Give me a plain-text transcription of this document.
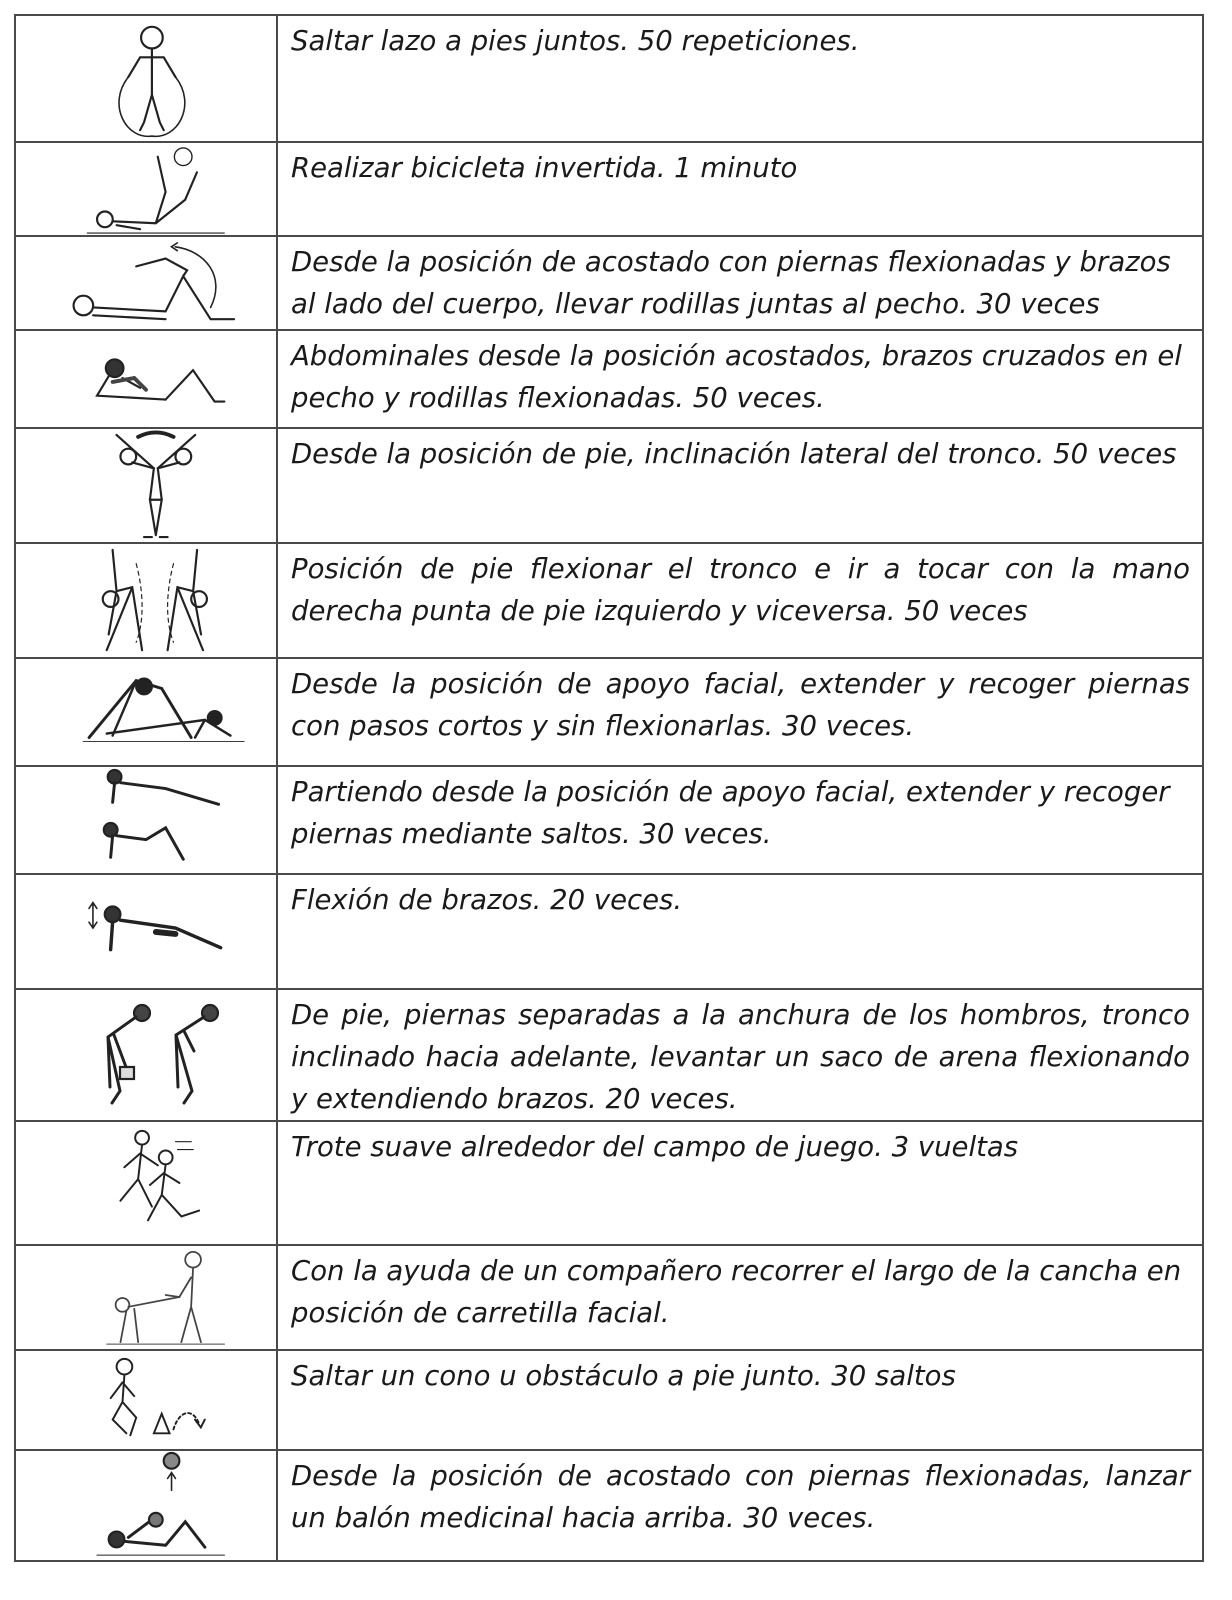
	Saltar lazo a pies juntos. 50 repeticiones.

	Realizar bicicleta invertida. 1 minuto

	Desde la posición de acostado con piernas flexionadas y brazos al lado del cuerpo, llevar rodillas juntas al pecho. 30 veces

	Abdominales desde la posición acostados, brazos cruzados en el pecho y rodillas flexionadas. 50 veces.

	Desde la posición de pie, inclinación lateral del tronco. 50 veces

	Posición de pie flexionar el tronco e ir a tocar con la mano derecha punta de pie izquierdo y viceversa. 50 veces

	Desde la posición de apoyo facial, extender y recoger piernas con pasos cortos y sin flexionarlas. 30 veces.

	Partiendo desde la posición de apoyo facial, extender y recoger piernas mediante saltos. 30 veces.

	Flexión de brazos. 20 veces.

	De pie, piernas separadas a la anchura de los hombros, tronco inclinado hacia adelante, levantar un saco de arena flexionando y extendiendo brazos. 20 veces.

	Trote suave alrededor del campo de juego. 3 vueltas

	Con la ayuda de un compañero recorrer el largo de la cancha en posición de carretilla facial.

	Saltar un cono u obstáculo a pie junto. 30 saltos

	Desde la posición de acostado con piernas flexionadas, lanzar un balón medicinal hacia arriba. 30 veces.
